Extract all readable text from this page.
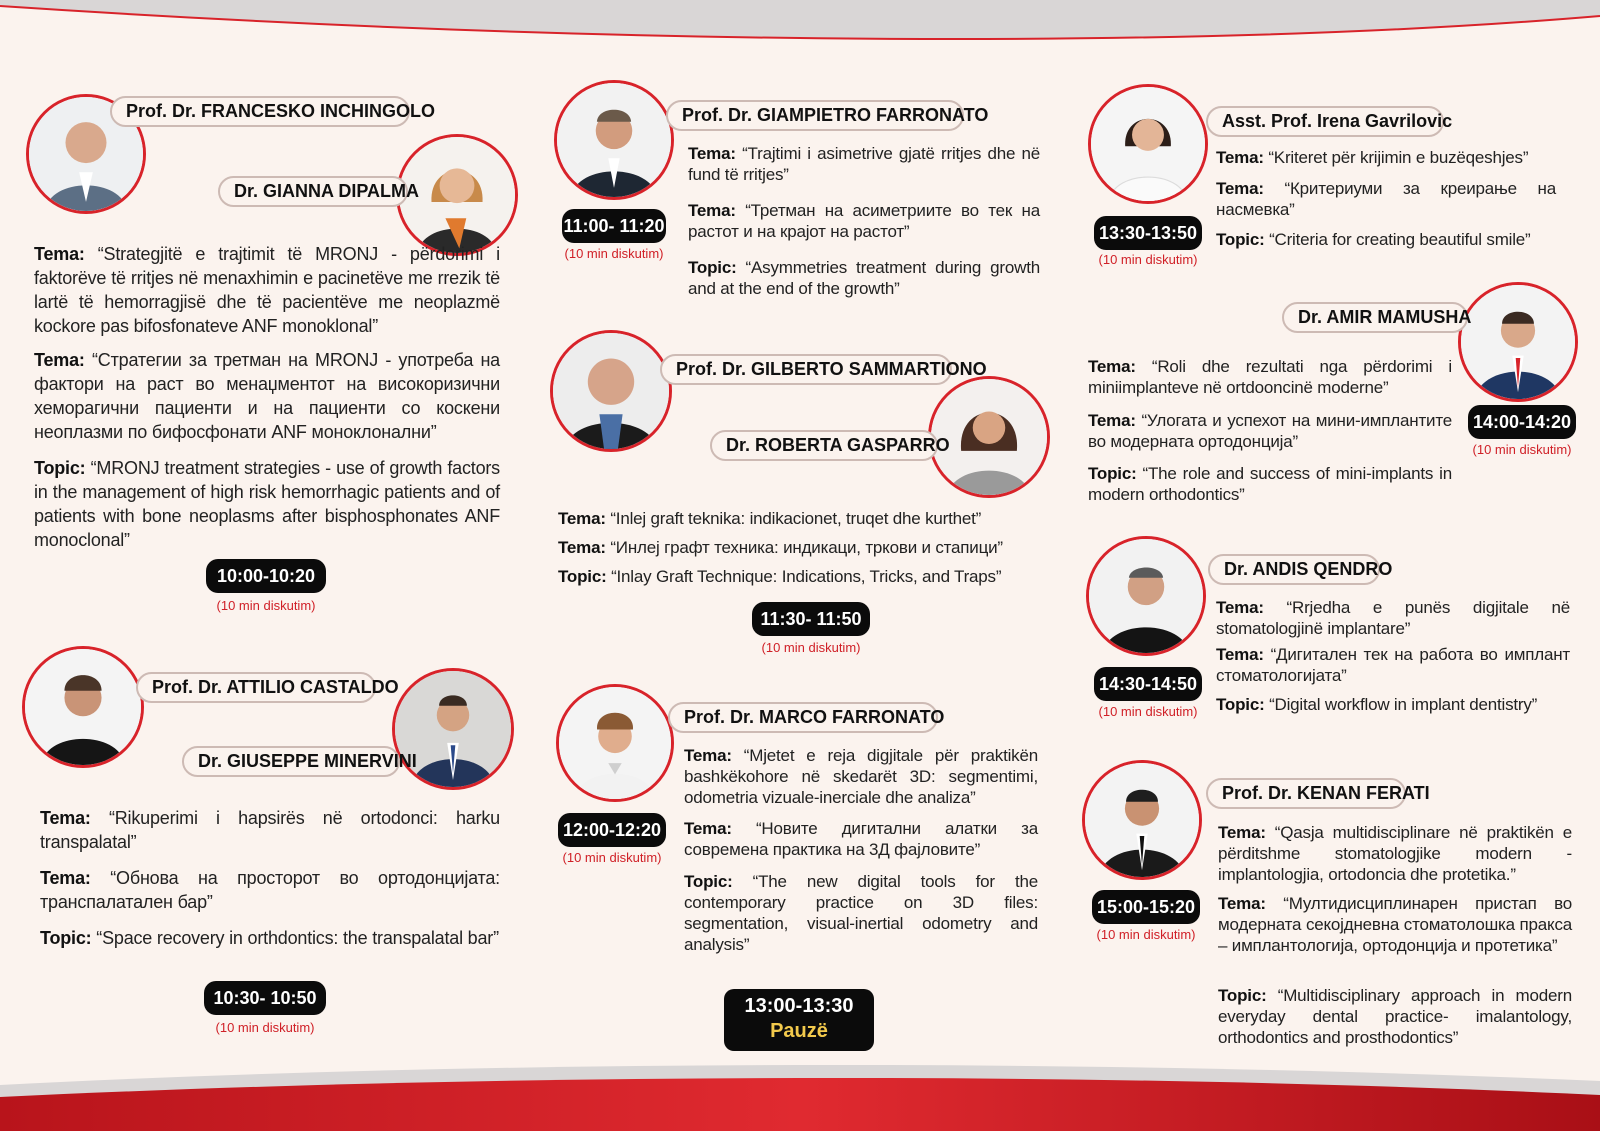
Prof. Dr. FRANCESKO INCHINGOLO
Dr. GIANNA DIPALMA
Tema: “Strategjitë e trajtimit të MRONJ - përdorimi i faktorëve të rritjes në menaxhimin e pacinetëve me rrezik të lartë të hemorragjisë dhe të pacientëve me neoplazmë kockore pas bifosfonateve ANF monoklonal”
Tema: “Стратегии за третман на MRONJ - употреба на фактори на раст во менаџментот на високоризични хеморагични пациенти и на пациенти со коскени неоплазми по бифосфонати ANF моноклонални”
Topic: “MRONJ treatment strategies - use of growth factors in the management of high risk hemorrhagic patients and of patients with bone neoplasms after bisphosphonates ANF monoclonal”
10:00-10:20
(10 min diskutim)
Prof. Dr. ATTILIO CASTALDO
Dr. GIUSEPPE MINERVINI
Tema: “Rikuperimi i hapsirës në ortodonci: harku transpalatal”
Tema: “Обнова на просторот во ортодонцијата: транспалатален бар”
Topic: “Space recovery in orthdontics: the transpalatal bar”
10:30- 10:50
(10 min diskutim)
Prof. Dr. GIAMPIETRO FARRONATO
11:00- 11:20
(10 min diskutim)
Tema: “Trajtimi i asimetrive gjatë rritjes dhe në fund të rritjes”
Tema: “Третман на асиметриите во тек на растот и на крајот на растот”
Topic: “Asymmetries treatment during growth and at the end of the growth”
Prof. Dr. GILBERTO SAMMARTIONO
Dr. ROBERTA GASPARRO
Tema: “Inlej graft teknika: indikacionet, truqet dhe kurthet”
Tema: “Инлеј графт техника: индикаци, тркови и стапици”
Topic: “Inlay Graft Technique: Indications, Tricks, and Traps”
11:30- 11:50
(10 min diskutim)
Prof. Dr. MARCO FARRONATO
12:00-12:20
(10 min diskutim)
Tema: “Mjetet e reja digjitale për praktikën bashkëkohore në skedarët 3D: segmentimi, odometria vizuale-inerciale dhe analiza”
Tema: “Новите дигитални алатки за современа практика на 3Д фајловите”
Topic: “The new digital tools for the contemporary practice on 3D files: segmentation, visual-inertial odometry and analysis”
13:00-13:30
Pauzë
Asst. Prof. Irena Gavrilovic
13:30-13:50
(10 min diskutim)
Tema: “Kriteret për krijimin e buzëqeshjes”
Tema: “Критериуми за креирање на насмевка”
Topic: “Criteria for creating beautiful smile”
Dr. AMIR MAMUSHA
Tema: “Roli dhe rezultati nga përdorimi i miniimplanteve në ortdooncinë moderne”
Tema: “Улогата и успехот на мини-имплантите во модерната ортодонција”
Topic: “The role and success of mini-implants in modern orthodontics”
14:00-14:20
(10 min diskutim)
Dr. ANDIS QENDRO
14:30-14:50
(10 min diskutim)
Tema: “Rrjedha e punës digjitale në stomatologjinë implantare”
Tema: “Дигитален тек на работа во имплант стоматологијата”
Topic: “Digital workflow in implant dentistry”
Prof. Dr. KENAN FERATI
15:00-15:20
(10 min diskutim)
Tema: “Qasja multidisciplinare në praktikën e përditshme stomatologjike modern - implantologjia, ortodoncia dhe protetika.”
Tema: “Мултидисциплинарен пристап во модерната секојдневна стоматолошка пракса – имплантологија, ортодонција и протетика”
Topic: “Multidisciplinary approach in modern everyday dental practice- imalantology, orthodontics and prosthodontics”
